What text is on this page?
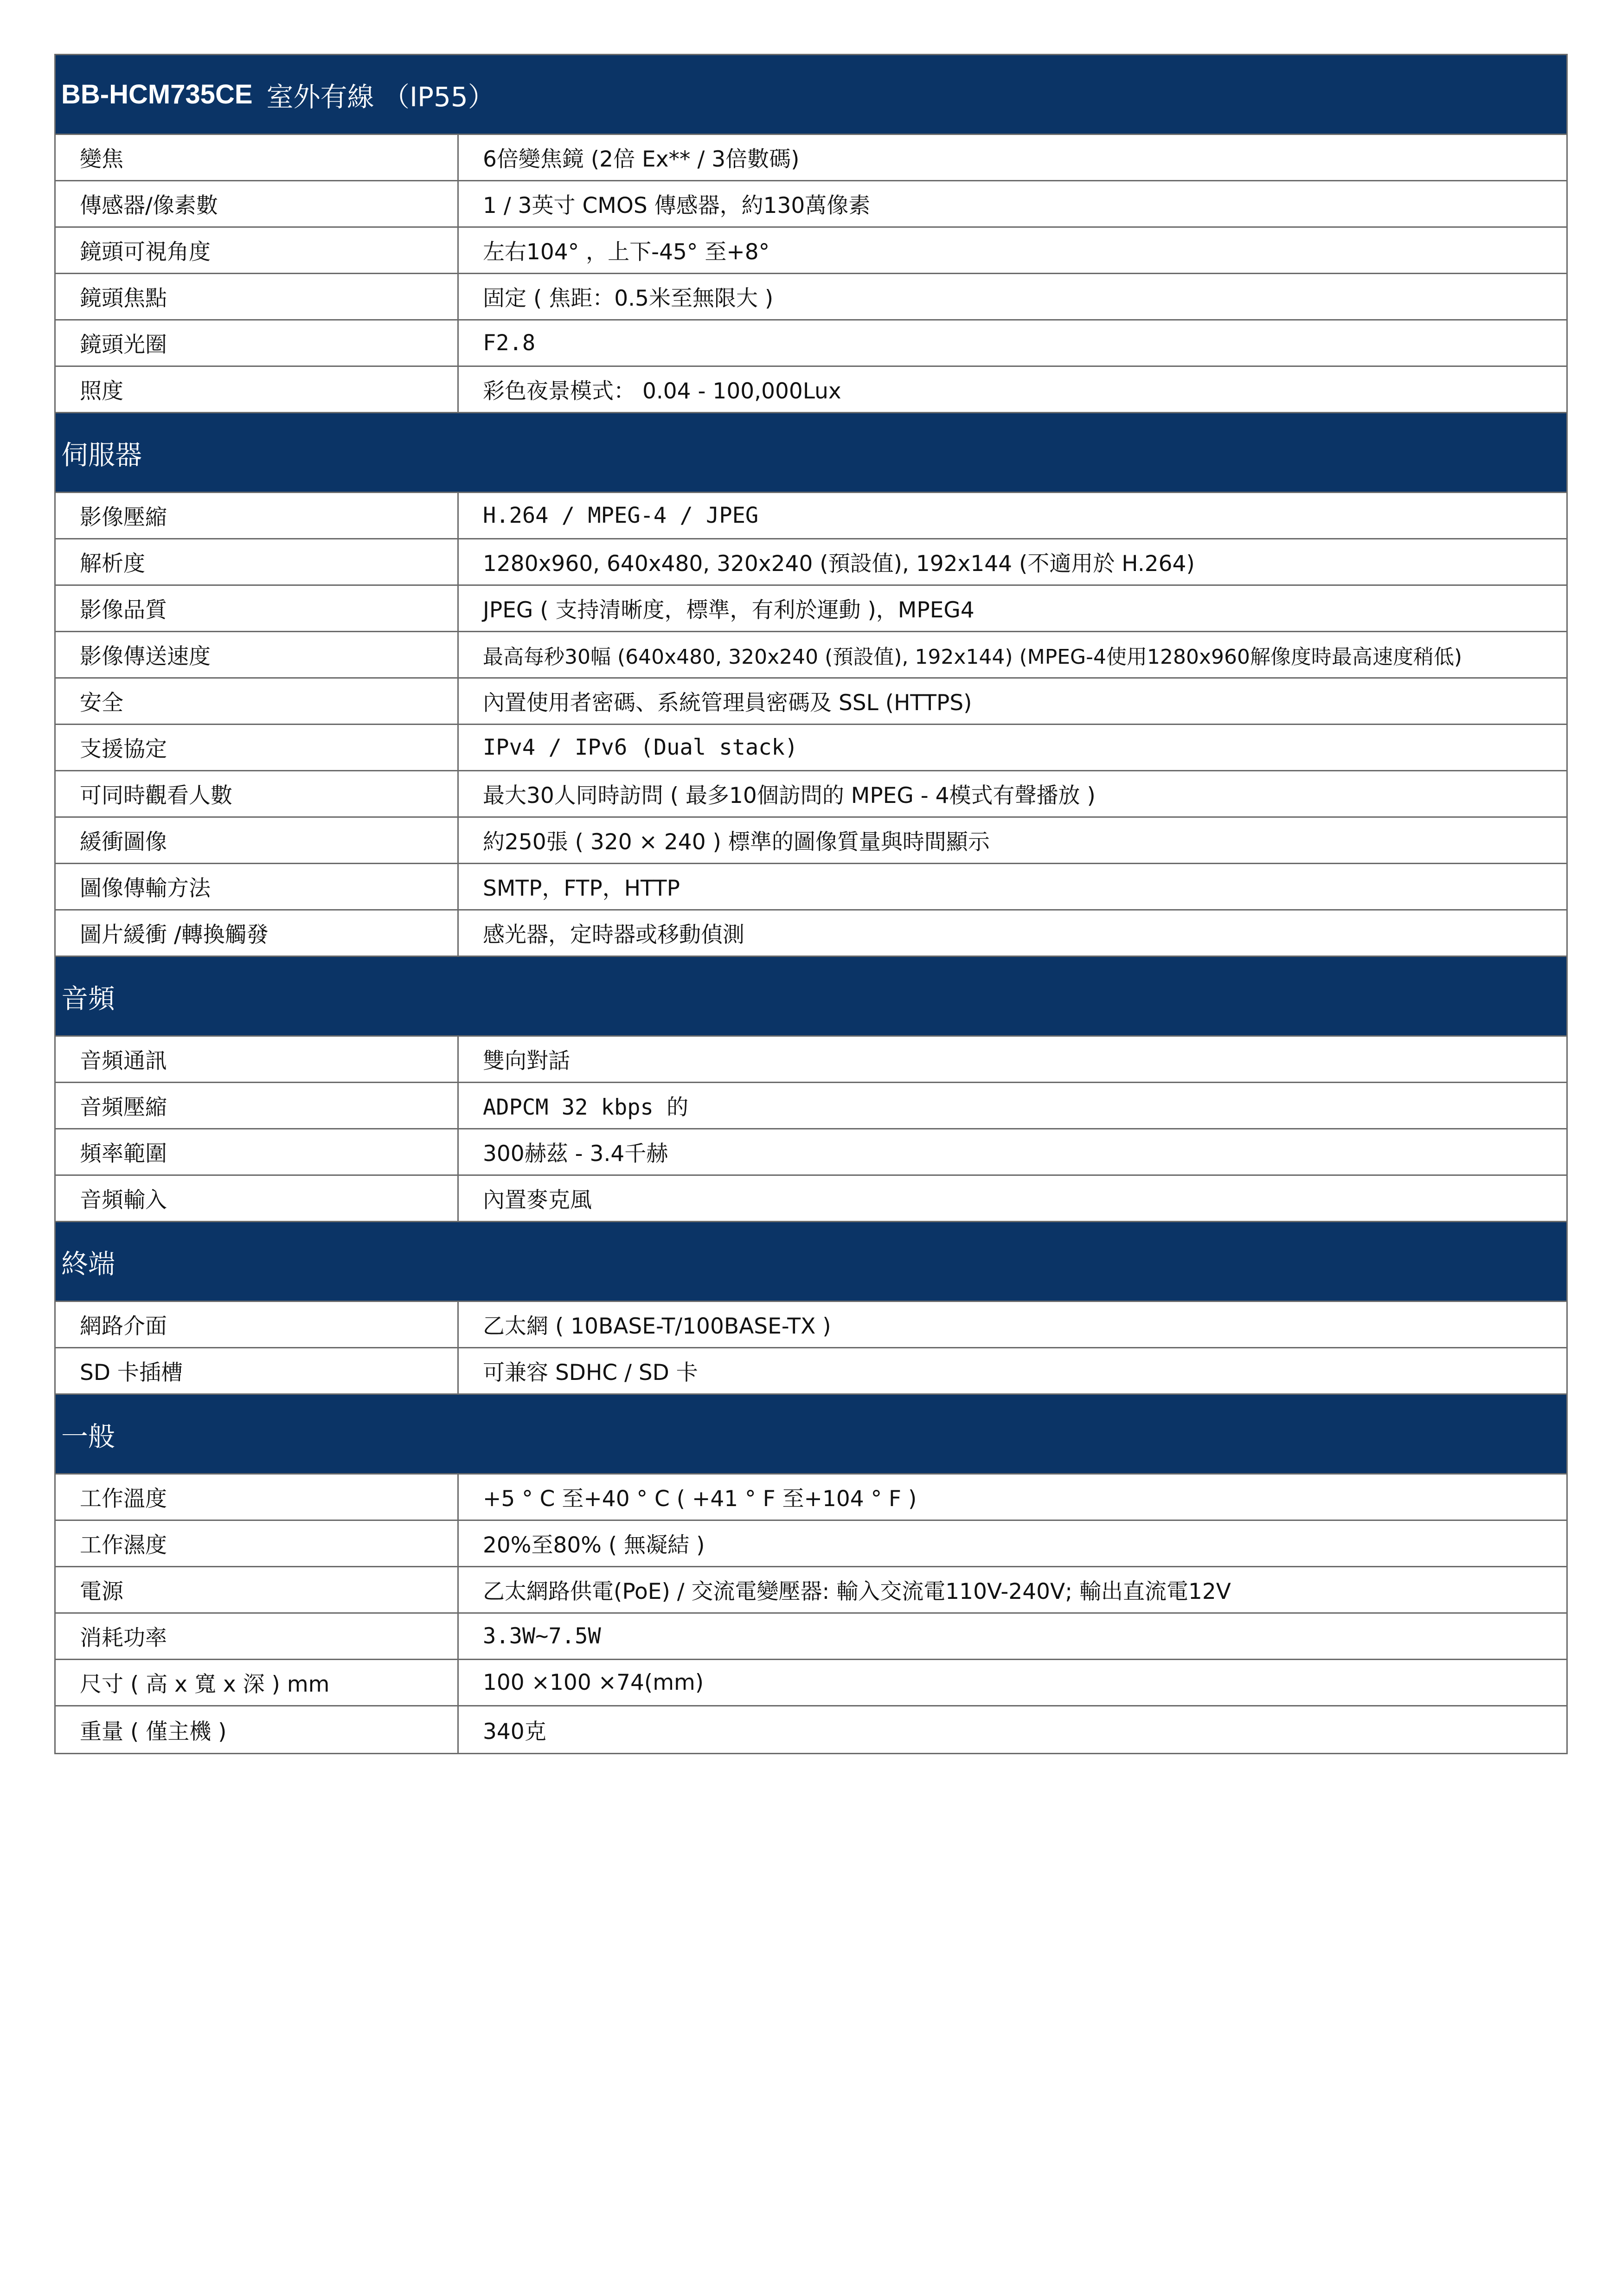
BB-HCM735CE 室外有線 （IP55）
變焦	6倍變焦鏡 (2倍 Ex** / 3倍數碼)
傳感器/像素數	1 / 3英寸 CMOS 傳感器，約130萬像素
鏡頭可視角度	左右104° ，上下-45° 至+8°
鏡頭焦點	固定 ( 焦距：0.5米至無限大 )
鏡頭光圈	F2.8
照度	彩色夜景模式： 0.04 - 100,000Lux
伺服器
影像壓縮	H.264 / MPEG-4 / JPEG
解析度	1280x960, 640x480, 320x240 (預設值), 192x144 (不適用於 H.264)
影像品質	JPEG ( 支持清晰度，標準，有利於運動 )，MPEG4
影像傳送速度	最高每秒30幅 (640x480, 320x240 (預設值), 192x144) (MPEG-4使用1280x960解像度時最高速度稍低)
安全	內置使用者密碼、系統管理員密碼及 SSL (HTTPS)
支援協定	IPv4 / IPv6 (Dual stack)
可同時觀看人數	最大30人同時訪問 ( 最多10個訪問的 MPEG - 4模式有聲播放 )
緩衝圖像	約250張 ( 320 × 240 ) 標準的圖像質量與時間顯示
圖像傳輸方法	SMTP，FTP，HTTP
圖片緩衝 /轉換觸發	感光器，定時器或移動偵測
音頻
音頻通訊	雙向對話
音頻壓縮	ADPCM 32 kbps 的
頻率範圍	300赫茲 - 3.4千赫
音頻輸入	內置麥克風
終端
網路介面	乙太網 ( 10BASE-T/100BASE-TX )
SD 卡插槽	可兼容 SDHC / SD 卡
一般
工作溫度	+5 ° C 至+40 ° C ( +41 ° F 至+104 ° F )
工作濕度	20%至80% ( 無凝結 )
電源	乙太網路供電(PoE) / 交流電變壓器: 輸入交流電110V-240V; 輸出直流電12V
消耗功率	3.3W~7.5W
尺寸 ( 高 x 寬 x 深 ) mm	100 ×100 ×74(mm)
重量 ( 僅主機 )	340克
